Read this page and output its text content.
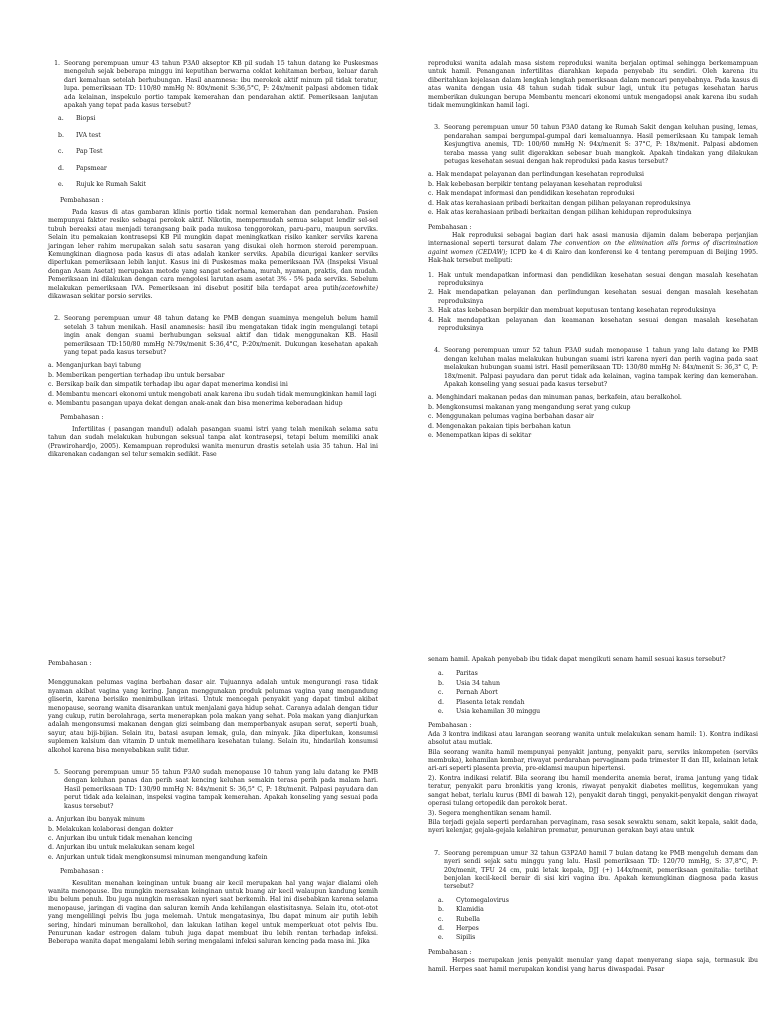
1. Seorang perempuan umur 43 tahun P3A0 akseptor KB pil sudah 15 tahun datang ke Puskesmas mengeluh sejak beberapa minggu ini keputihan berwarna coklat kehitaman berbau, keluar darah dari kemaluan setelah berhubungan. Hasil anamnesa: ibu merokok aktif minum pil tidak teratur, lupa. pemeriksaan TD: 110/80 mmHg N: 80x/menit S:36,5°C, P: 24x/menit palpasi abdomen tidak ada kelainan, inspekulo portio tampak kemerahan dan pendarahan aktif. Pemeriksaan lanjutan apakah yang tepat pada kasus tersebut?
a.	Biopsi
b.	IVA test
c.	Pap Test
d.	Papsmear
e.	Rujuk ke Rumah Sakit
Pembahasan :

Pada kasus di atas gambaran klinis portio tidak normal kemerahan dan pendarahan. Pasien mempunyai faktor resiko sebagai perokok aktif. Nikotin, mempermudah semua selaput lendir sel-sel tubuh bereaksi atau menjadi terangsang baik pada mukosa tenggorokan, paru-paru, maupun serviks. Selain itu pemakaian kontrasepsi KB Pil mungkin dapat meningkatkan risiko kanker serviks karena jaringan leher rahim merupakan salah satu sasaran yang disukai oleh hormon steroid perempuan. Kemungkinan diagnosa pada kasus di atas adalah kanker serviks. Apabila dicurigai kanker serviks diperlukan pemeriksaan lebih lanjut. Kasus ini di Puskesmas maka pemeriksaan IVA (Inspeksi Visual dengan Asam Asetat) merupakan metode yang sangat sederhana, murah, nyaman, praktis, dan mudah. Pemeriksaan ini dilakukan dengan cara mengolesi larutan asam asetat 3% - 5% pada serviks. Sebelum melakukan pemeriksaan IVA. Pemeriksaan ini disebut positif bila terdapat area putih(acetowhite) dikawasan sekitar porsio serviks.

2. Seorang perempuan umur 48 tahun datang ke PMB dengan suaminya mengeluh belum hamil setelah 3 tahun menikah. Hasil anamnesis: hasil ibu mengatakan tidak ingin mengulangi tetapi ingin anak dengan suami berhubungan seksual aktif dan tidak menggunakan KB. Hasil pemeriksaan TD:150/80 mmHg N:79x/menit S:36,4°C, P:20x/menit. Dukungan kesehatan apakah yang tepat pada kasus tersebut?
a. Menganjurkan bayi tabung
b. Memberikan pengertian terhadap ibu untuk bersabar
c. Bersikap baik dan simpatik terhadap ibu agar dapat menerima kondisi ini
d. Membantu mencari ekonomi untuk mengobati anak karena ibu sudah tidak memungkinkan hamil lagi
e. Membantu pasangan upaya dekat dengan anak-anak dan bisa menerima keberadaan hidup
Pembahasan :

Infertilitas ( pasangan mandul) adalah pasangan suami istri yang telah menikah selama satu tahun dan sudah melakukan hubungan seksual tanpa alat kontrasepsi, tetapi belum memiliki anak (Prawirohardjo, 2005). Kemampuan reproduksi wanita menurun drastis setelah usia 35 tahun. Hal ini dikarenakan cadangan sel telur semakin sedikit. Fase

reproduksi wanita adalah masa sistem reproduksi wanita berjalan optimal sehingga berkemampuan untuk hamil. Penanganan infertilitas diarahkan kepada penyebab itu sendiri. Oleh karena itu diberitahkan kejelasan dalam lengkah lengkah pemeriksaan dalam mencari penyebabnya. Pada kasus di atas wanita dengan usia 48 tahun sudah tidak subur lagi, untuk itu petugas kesehatan harus memberikan dukungan berupa Membantu mencari ekonomi untuk mengadopsi anak karena ibu sudah tidak memungkinkan hamil lagi.

3. Seorang perempuan umur 50 tahun P3A0 datang ke Rumah Sakit dengan keluhan pusing, lemas, pendarahan sampai bergumpal-gumpal dari kemaluannya. Hasil pemeriksaan Ku tampak lemah Kesjungtiva anemis, TD: 100/60 mmHg N: 94x/menit S: 37°C, P: 18x/menit. Palpasi abdomen teraba massa yang sulit digerakkan sebesar buah mangkok. Apakah tindakan yang dilakukan petugas kesehatan sesuai dengan hak reproduksi pada kasus tersebut?
a. Hak mendapat pelayanan dan perlindungan kesehatan reproduksi
b. Hak kebebasan berpikir tentang pelayanan kesehatan reproduksi
c. Hak mendapat informasi dan pendidikan kesehatan reproduksi
d. Hak atas kerahasiaan pribadi berkaitan dengan pilihan pelayanan reproduksinya
e. Hak atas kerahasiaan pribadi berkaitan dengan pilihan kehidupan reproduksinya
Pembahasan :

Hak reproduksi sebagai bagian dari hak asasi manusia dijamin dalam beberapa perjanjian internasional seperti tersurat dalam The convention on the elimination alls forms of discrimination againt women (CEDAW); ICPD ke 4 di Kairo dan konferensi ke 4 tentang perempuan di Beijing 1995. Hak-hak tersebut meliputi:

1. Hak untuk mendapatkan informasi dan pendidikan kesehatan sesuai dengan masalah kesehatan reproduksinya
2. Hak mendapatkan pelayanan dan perlindungan kesehatan sesuai dengan masalah kesehatan reproduksinya
3. Hak atas kebebasan berpikir dan membuat keputusan tentang kesehatan reproduksinya
4. Hak mendapatkan pelayanan dan keamanan kesehatan sesuai dengan masalah kesehatan reproduksinya
4. Seorang perempuan umur 52 tahun P3A0 sudah menopause 1 tahun yang lalu datang ke PMB dengan keluhan malas melakukan hubungan suami istri karena nyeri dan perih vagina pada saat melakukan hubungan suami istri. Hasil pemeriksaan TD: 130/80 mmHg N: 84x/menit S: 36,3° C, P: 18x/menit. Palpasi payudara dan perut tidak ada kelainan, vagina tampak kering dan kemerahan. Apakah konseling yang sesuai pada kasus tersebut?
a. Menghindari makanan pedas dan minuman panas, berkafein, atau beralkohol.
b. Mengkonsumsi makanan yang mengandung serat yang cukup
c. Menggunakan pelumas vagina berbahan dasar air
d. Mengenakan pakaian tipis berbahan katun
e. Menempatkan kipas di sekitar
Pembahasan :

Menggunakan pelumas vagina berbahan dasar air. Tujuannya adalah untuk mengurangi rasa tidak nyaman akibat vagina yang kering. Jangan menggunakan produk pelumas vagina yang mengandung gliserin, karena berisiko menimbulkan iritasi. Untuk mencegah penyakit yang dapat timbul akibat menopause, seorang wanita disarankan untuk menjalani gaya hidup sehat. Caranya adalah dengan tidur yang cukup, rutin berolahraga, serta menerapkan pola makan yang sehat. Pola makan yang dianjurkan adalah mengonsumsi makanan dengan gizi seimbang dan memperbanyak asupan serat, seperti buah, sayur, atau biji-bijian. Selain itu, batasi asupan lemak, gula, dan minyak. Jika diperlukan, konsumsi suplemen kalsium dan vitamin D untuk memelihara kesehatan tulang. Selain itu, hindarilah konsumsi alkohol karena bisa menyebabkan sulit tidur.

5. Seorang perempuan umur 55 tahun P3A0 sudah menopause 10 tahun yang lalu datang ke PMB dengan keluhan panas dan perih saat kencing keluhan semakin terasa perih pada malam hari. Hasil pemeriksaan TD: 130/90 mmHg N: 84x/menit S: 36,5° C, P: 18x/menit. Palpasi payudara dan perut tidak ada kelainan, inspeksi vagina tampak kemerahan. Apakah konseling yang sesuai pada kasus tersebut?
a. Anjurkan ibu banyak minum
b. Melakukan kolaborasi dengan dokter
c. Anjurkan ibu untuk tidak menahan kencing
d. Anjurkan ibu untuk melakukan senam kegel
e. Anjurkan untuk tidak mengkonsumsi minuman mengandung kafein
Pembahasan :

Kesulitan menahan keinginan untuk buang air kecil merupakan hal yang wajar dialami oleh wanita menopause. Ibu mungkin merasakan keinginan untuk buang air kecil walaupun kandung kemih ibu belum penuh. Ibu juga mungkin merasakan nyeri saat berkemih. Hal ini disebabkan karena selama menopause, jaringan di vagina dan saluran kemih Anda kehilangan elastisitasnya. Selain itu, otot-otot yang mengelilingi pelvis Ibu juga melemah. Untuk mengatasinya, Ibu dapat minum air putih lebih sering, hindari minuman beralkohol, dan lakukan latihan kegel untuk memperkuat otot pelvis Ibu. Penurunan kadar estrogen dalam tubuh juga dapat membuat ibu lebih rentan terhadap infeksi. Beberapa wanita dapat mengalami lebih sering mengalami infeksi saluran kencing pada masa ini. Jika

senam hamil. Apakah penyebab ibu tidak dapat mengikuti senam hamil sesuai kasus tersebut?

a.	Paritas
b.	Usia 34 tahun
c.	Pernah Abort
d.	Plasenta letak rendah
e.	Usia kehamilan 30 minggu
Pembahasan :

Ada 3 kontra indikasi atau larangan seorang wanita untuk melakukan senam hamil: 1). Kontra indikasi absolut atau mutlak.

Bila seorang wanita hamil mempunyai penyakit jantung, penyakit paru, serviks inkompeten (serviks membuka), kehamilan kembar, riwayat perdarahan pervaginam pada trimester II dan III, kelainan letak ari-ari seperti plasenta previa, pre-eklamsi maupun hipertensi.

2). Kontra indikasi relatif. Bila seorang ibu hamil menderita anemia berat, irama jantung yang tidak teratur, penyakit paru bronkitis yang kronis, riwayat penyakit diabetes mellitus, kegemukan yang sangat hebat, terlalu kurus (BMI di bawah 12), penyakit darah tinggi, penyakit-penyakit dengan riwayat operasi tulang ortopedik dan perokok berat.

3). Segera menghentikan senam hamil.

Bila terjadi gejala seperti perdarahan pervaginam, rasa sesak sewaktu senam, sakit kepala, sakit dada, nyeri kelenjar, gejala-gejala kelahiran prematur, penurunan gerakan bayi atau untuk

7. Seorang perempuan umur 32 tahun G3P2A0 hamil 7 bulan datang ke PMB mengeluh demam dan nyeri sendi sejak satu minggu yang lalu. Hasil pemeriksaan TD: 120/70 mmHg, S: 37,8°C, P: 20x/menit, TFU 24 cm, puki letak kepala, DJJ (+) 144x/menit, pemeriksaan genitalia: terlihat benjolan kecil-kecil berair di sisi kiri vagina ibu. Apakah kemungkinan diagnosa pada kasus tersebut?
a.	Cytomegalovirus
b.	Klamidia
c.	Rubella
d.	Herpes
e.	Sipilis
Pembahasan :

Herpes merupakan jenis penyakit menular yang dapat menyerang siapa saja, termasuk ibu hamil. Herpes saat hamil merupakan kondisi yang harus diwaspadai. Pasar
